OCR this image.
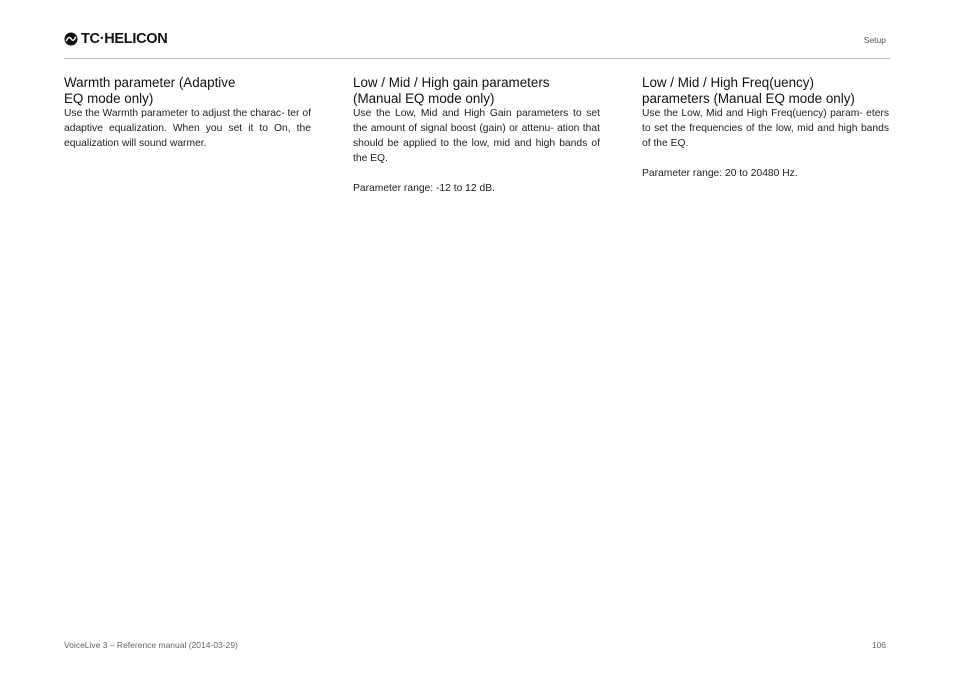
TC·HELICON	Setup
Warmth parameter (Adaptive
EQ mode only)

Use the Warmth parameter to adjust the charac- ter of adaptive equalization. When you set it to On, the equalization will sound warmer.

Low / Mid / High gain parameters
(Manual EQ mode only)

Use the Low, Mid and High Gain parameters to set the amount of signal boost (gain) or attenu- ation that should be applied to the low, mid and high bands of the EQ.

Parameter range: -12 to 12 dB.

Low / Mid / High Freq(uency)
parameters (Manual EQ mode only)

Use the Low, Mid and High Freq(uency) param- eters to set the frequencies of the low, mid and high bands of the EQ.

Parameter range: 20 to 20480 Hz.

VoiceLive 3 – Reference manual (2014-03-29)	106
